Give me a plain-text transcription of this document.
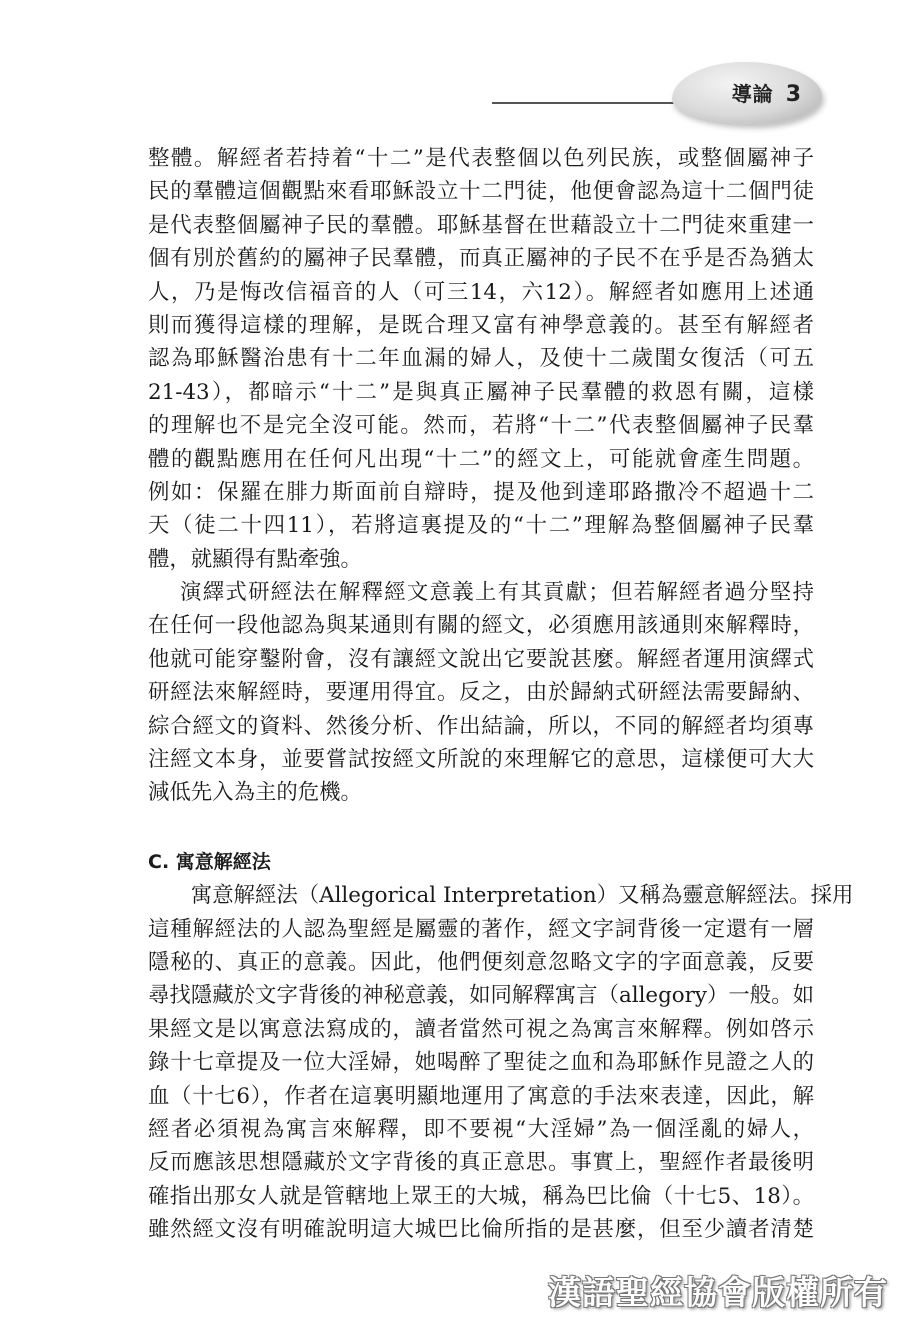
導論 3
整體。解經者若持着“十二”是代表整個以色列民族，或整個屬神子
民的羣體這個觀點來看耶穌設立十二門徒，他便會認為這十二個門徒
是代表整個屬神子民的羣體。耶穌基督在世藉設立十二門徒來重建一
個有別於舊約的屬神子民羣體，而真正屬神的子民不在乎是否為猶太
人，乃是悔改信福音的人（可三14，六12）。解經者如應用上述通
則而獲得這樣的理解，是既合理又富有神學意義的。甚至有解經者
認為耶穌醫治患有十二年血漏的婦人，及使十二歲閨女復活（可五
21-43），都暗示“十二”是與真正屬神子民羣體的救恩有關，這樣
的理解也不是完全沒可能。然而，若將“十二”代表整個屬神子民羣
體的觀點應用在任何凡出現“十二”的經文上，可能就會產生問題。
例如：保羅在腓力斯面前自辯時，提及他到達耶路撒冷不超過十二
天（徒二十四11），若將這裏提及的“十二”理解為整個屬神子民羣
體，就顯得有點牽強。
演繹式研經法在解釋經文意義上有其貢獻；但若解經者過分堅持
在任何一段他認為與某通則有關的經文，必須應用該通則來解釋時，
他就可能穿鑿附會，沒有讓經文說出它要說甚麼。解經者運用演繹式
研經法來解經時，要運用得宜。反之，由於歸納式研經法需要歸納、
綜合經文的資料、然後分析、作出結論，所以，不同的解經者均須專
注經文本身，並要嘗試按經文所說的來理解它的意思，這樣便可大大
減低先入為主的危機。
C. 寓意解經法
寓意解經法（Allegorical Interpretation）又稱為靈意解經法。採用
這種解經法的人認為聖經是屬靈的著作，經文字詞背後一定還有一層
隱秘的、真正的意義。因此，他們便刻意忽略文字的字面意義，反要
尋找隱藏於文字背後的神秘意義，如同解釋寓言（allegory）一般。如
果經文是以寓意法寫成的，讀者當然可視之為寓言來解釋。例如啓示
錄十七章提及一位大淫婦，她喝醉了聖徒之血和為耶穌作見證之人的
血（十七6），作者在這裏明顯地運用了寓意的手法來表達，因此，解
經者必須視為寓言來解釋，即不要視“大淫婦”為一個淫亂的婦人，
反而應該思想隱藏於文字背後的真正意思。事實上，聖經作者最後明
確指出那女人就是管轄地上眾王的大城，稱為巴比倫（十七5、18）。
雖然經文沒有明確說明這大城巴比倫所指的是甚麼，但至少讀者清楚
漢語聖經協會版權所有
